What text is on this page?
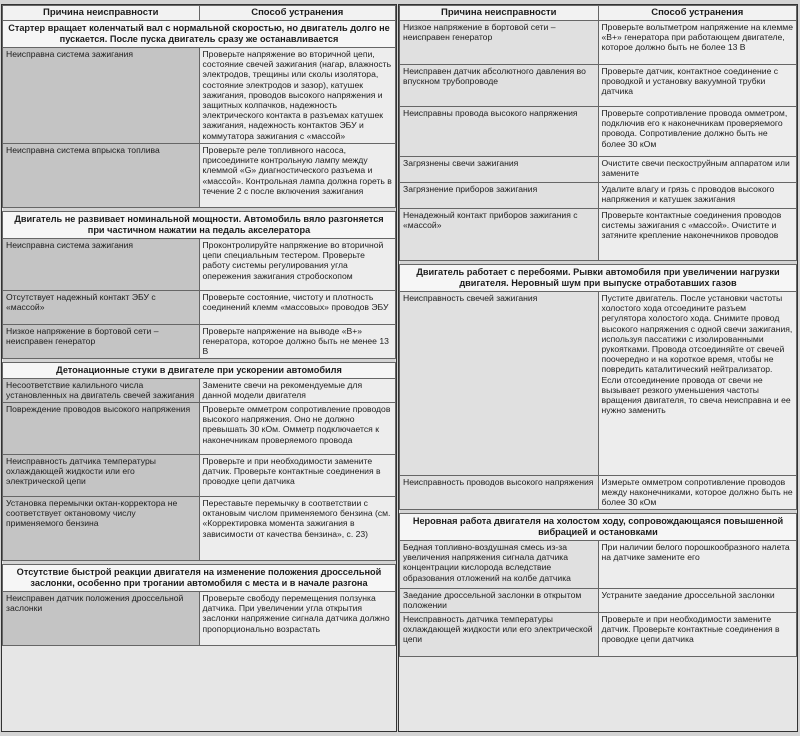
Причина неисправности	Способ устранения
Стартер вращает коленчатый вал с нормальной скоростью, но двигатель долго не пускается. После пуска двигатель сразу же останавливается	
Неисправна система зажигания	Проверьте напряжение во вторичной цепи, состояние свечей зажигания (нагар, влажность электродов, трещины или сколы изолятора, состояние электродов и зазор), катушек зажигания, проводов высокого напряжения и защитных колпачков, надежность электрического контакта в разъемах катушек зажигания, надежность контактов ЭБУ и коммутатора зажигания с «массой»
Неисправна система впрыска топлива	Проверьте реле топливного насоса, присоедините контрольную лампу между клеммой «G» диагностического разъема и «массой». Контрольная лампа должна гореть в течение 2 с после включения зажигания

Двигатель не развивает номинальной мощности. Автомобиль вяло разгоняется при частичном нажатии на педаль акселератора	
Неисправна система зажигания	Проконтролируйте напряжение во вторичной цепи специальным тестером. Проверьте работу системы регулирования угла опережения зажигания стробоскопом
Отсутствует надежный контакт ЭБУ с «массой»	Проверьте состояние, чистоту и плотность соединений клемм «массовых» проводов ЭБУ
Низкое напряжение в бортовой сети – неисправен генератор	Проверьте напряжение на выводе «B+» генератора, которое должно быть не менее 13 В

Детонационные стуки в двигателе при ускорении автомобиля	
Несоответствие калильного числа установленных на двигатель свечей зажигания	Замените свечи на рекомендуемые для данной модели двигателя
Повреждение проводов высокого напряжения	Проверьте омметром сопротивление проводов высокого напряжения. Оно не должно превышать 30 кОм. Омметр подключается к наконечникам проверяемого провода
Неисправность датчика температуры охлаждающей жидкости или его электрической цепи	Проверьте и при необходимости замените датчик. Проверьте контактные соединения в проводке цепи датчика
Установка перемычки октан-корректора не соответствует октановому числу применяемого бензина	Переставьте перемычку в соответствии с октановым числом применяемого бензина (см. «Корректировка момента зажигания в зависимости от качества бензина», с. 23)

Отсутствие быстрой реакции двигателя на изменение положения дроссельной заслонки, особенно при трогании автомобиля с места и в начале разгона	
Неисправен датчик положения дроссельной заслонки	Проверьте свободу перемещения ползунка датчика. При увеличении угла открытия заслонки напряжение сигнала датчика должно пропорционально возрастать
Причина неисправности	Способ устранения
Низкое напряжение в бортовой сети – неисправен генератор	Проверьте вольтметром напряжение на клемме «B+» генератора при работающем двигателе, которое должно быть не более 13 В
Неисправен датчик абсолютного давления во впускном трубопроводе	Проверьте датчик, контактное соединение с проводкой и установку вакуумной трубки датчика
Неисправны провода высокого напряжения	Проверьте сопротивление провода омметром, подключив его к наконечникам проверяемого провода. Сопротивление должно быть не более 30 кОм
Загрязнены свечи зажигания	Очистите свечи пескоструйным аппаратом или замените
Загрязнение приборов зажигания	Удалите влагу и грязь с проводов высокого напряжения и катушек зажигания
Ненадежный контакт приборов зажигания с «массой»	Проверьте контактные соединения проводов системы зажигания с «массой». Очистите и затяните крепление наконечников проводов

Двигатель работает с перебоями. Рывки автомобиля при увеличении нагрузки двигателя. Неровный шум при выпуске отработавших газов	
Неисправность свечей зажигания	Пустите двигатель. После установки частоты холостого хода отсоедините разъем регулятора холостого хода. Снимите провод высокого напряжения с одной свечи зажигания, используя пассатижи с изолированными рукоятками. Провода отсоединяйте от свечей поочередно и на короткое время, чтобы не повредить каталитический нейтрализатор. Если отсоединение провода от свечи не вызывает резкого уменьшения частоты вращения двигателя, то свеча неисправна и ее нужно заменить
Неисправность проводов высокого напряжения	Измерьте омметром сопротивление проводов между наконечниками, которое должно быть не более 30 кОм

Неровная работа двигателя на холостом ходу, сопровождающаяся повышенной вибрацией и остановками	
Бедная топливно-воздушная смесь из-за увеличения напряжения сигнала датчика концентрации кислорода вследствие образования отложений на колбе датчика	При наличии белого порошкообразного налета на датчике замените его
Заедание дроссельной заслонки в открытом положении	Устраните заедание дроссельной заслонки
Неисправность датчика температуры охлаждающей жидкости или его электрической цепи	Проверьте и при необходимости замените датчик. Проверьте контактные соединения в проводке цепи датчика
